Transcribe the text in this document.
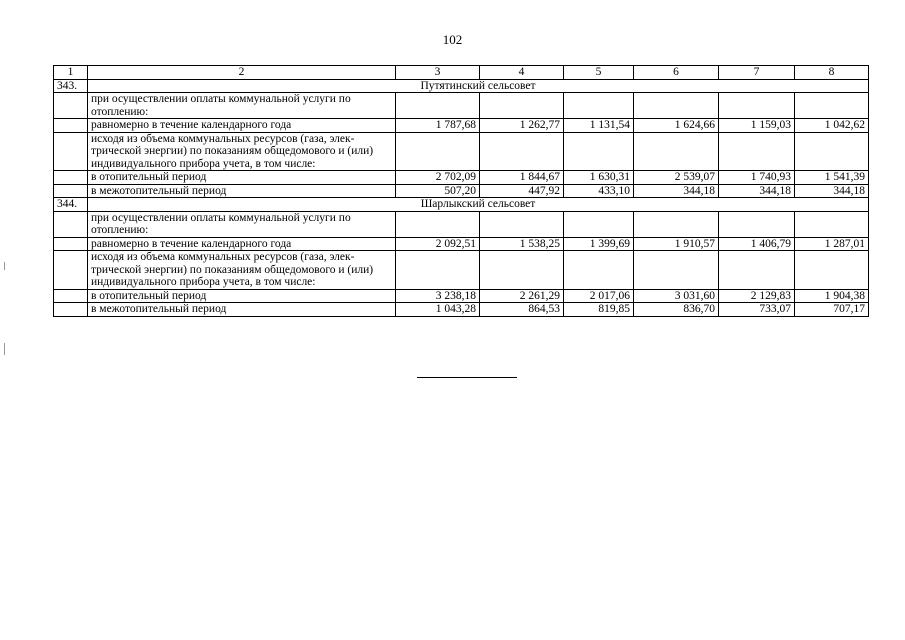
102
1	2	3	4	5	6	7	8
343.	Путятинский сельсовет						
	при осуществлении оплаты коммунальной услуги по отоплению:						
	равномерно в течение календарного года	1 787,68	1 262,77	1 131,54	1 624,66	1 159,03	1 042,62
	исходя из объема коммунальных ресурсов (газа, элек-трической энергии) по показаниям общедомового и (или) индивидуального прибора учета, в том числе:						
	в отопительный период	2 702,09	1 844,67	1 630,31	2 539,07	1 740,93	1 541,39
	в межотопительный период	507,20	447,92	433,10	344,18	344,18	344,18
344.	Шарлыкский сельсовет						
	при осуществлении оплаты коммунальной услуги по отоплению:						
	равномерно в течение календарного года	2 092,51	1 538,25	1 399,69	1 910,57	1 406,79	1 287,01
	исходя из объема коммунальных ресурсов (газа, элек-трической энергии) по показаниям общедомового и (или) индивидуального прибора учета, в том числе:						
	в отопительный период	3 238,18	2 261,29	2 017,06	3 031,60	2 129,83	1 904,38
	в межотопительный период	1 043,28	864,53	819,85	836,70	733,07	707,17
